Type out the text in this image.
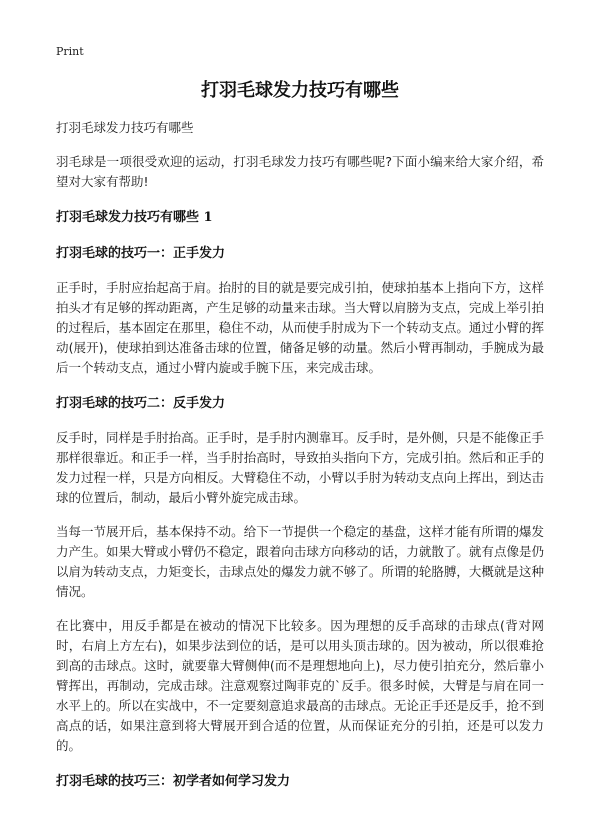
Print
打羽毛球发力技巧有哪些
打羽毛球发力技巧有哪些

羽毛球是一项很受欢迎的运动，打羽毛球发力技巧有哪些呢?下面小编来给大家介绍，希望对大家有帮助!

打羽毛球发力技巧有哪些 1
打羽毛球的技巧一：正手发力

正手时，手肘应抬起高于肩。抬肘的目的就是要完成引拍，使球拍基本上指向下方，这样拍头才有足够的挥动距离，产生足够的动量来击球。当大臂以肩膀为支点，完成上举引拍的过程后，基本固定在那里，稳住不动，从而使手肘成为下一个转动支点。通过小臂的挥动(展开)，使球拍到达准备击球的位置，储备足够的动量。然后小臂再制动，手腕成为最后一个转动支点，通过小臂内旋或手腕下压，来完成击球。

打羽毛球的技巧二：反手发力

反手时，同样是手肘抬高。正手时，是手肘内测靠耳。反手时，是外侧，只是不能像正手那样很靠近。和正手一样，当手肘抬高时，导致拍头指向下方，完成引拍。然后和正手的发力过程一样，只是方向相反。大臂稳住不动，小臂以手肘为转动支点向上挥出，到达击球的位置后，制动，最后小臂外旋完成击球。

当每一节展开后，基本保持不动。给下一节提供一个稳定的基盘，这样才能有所谓的爆发力产生。如果大臂或小臂仍不稳定，跟着向击球方向移动的话，力就散了。就有点像是仍以肩为转动支点，力矩变长，击球点处的爆发力就不够了。所谓的轮胳膊，大概就是这种情况。

在比赛中，用反手都是在被动的情况下比较多。因为理想的反手高球的击球点(背对网时，右肩上方左右)，如果步法到位的话，是可以用头顶击球的。因为被动，所以很难抢到高的击球点。这时，就要靠大臂侧伸(而不是理想地向上)，尽力使引拍充分，然后靠小臂挥出，再制动，完成击球。注意观察过陶菲克的`反手。很多时候，大臂是与肩在同一水平上的。所以在实战中，不一定要刻意追求最高的击球点。无论正手还是反手，抢不到高点的话，如果注意到将大臂展开到合适的位置，从而保证充分的引拍，还是可以发力的。

打羽毛球的技巧三：初学者如何学习发力
